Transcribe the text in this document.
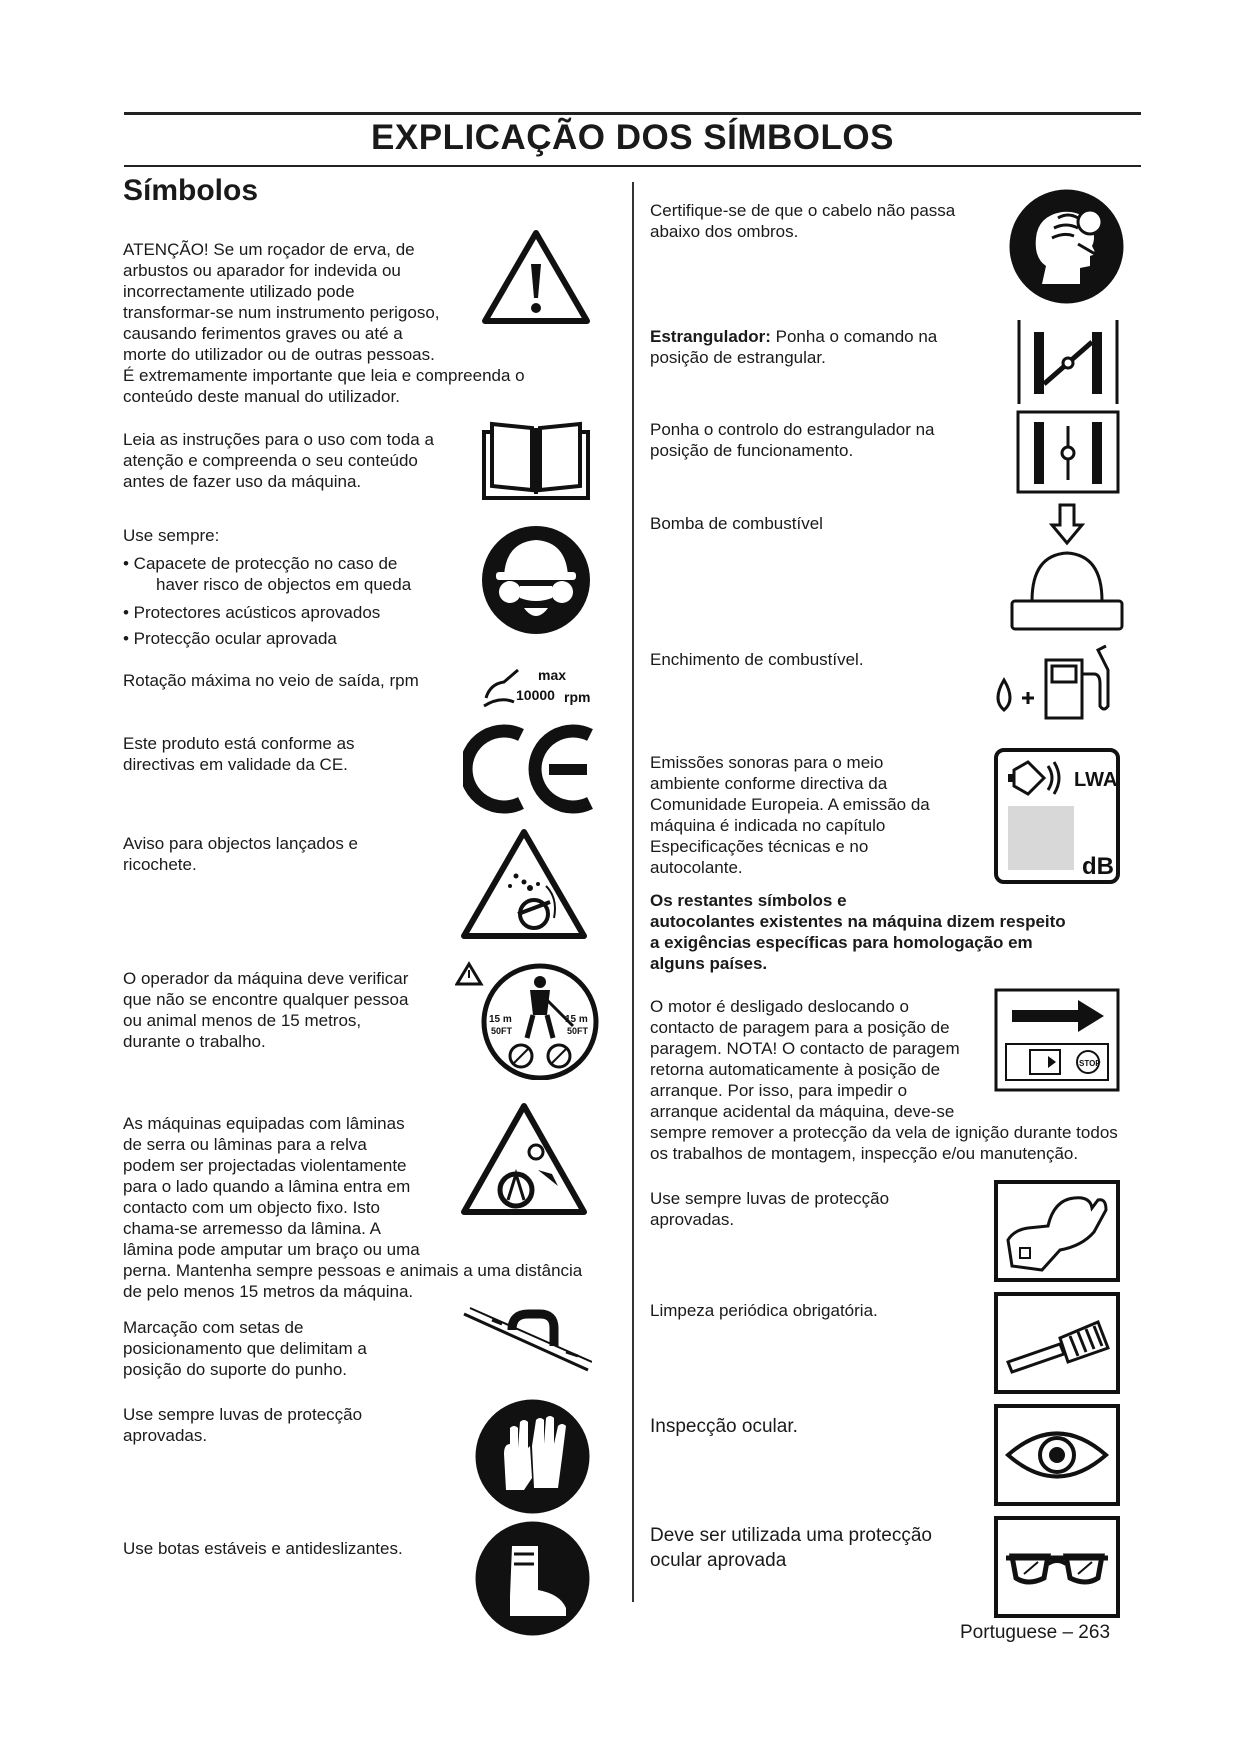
EXPLICAÇÃO DOS SÍMBOLOS
Símbolos

ATENÇÃO! Se um roçador de erva, de

arbustos ou aparador for indevida ou

incorrectamente utilizado pode

transformar-se num instrumento perigoso,

causando ferimentos graves ou até a

morte do utilizador ou de outras pessoas.

É extremamente importante que leia e compreenda o

conteúdo deste manual do utilizador.

Leia as instruções para o uso com toda a

atenção e compreenda o seu conteúdo

antes de fazer uso da máquina.

Use sempre:

• Capacete de protecção no caso de

haver risco de objectos em queda

• Protectores acústicos aprovados

• Protecção ocular aprovada

Rotação máxima no veio de saída, rpm	max
10000 rpm

Este produto está conforme as

directivas em validade da CE.

Aviso para objectos lançados e

ricochete.

O operador da máquina deve verificar

que não se encontre qualquer pessoa

ou animal menos de 15 metros,

durante o trabalho.

15 m
50FT
15 m
50FT

As máquinas equipadas com lâminas

de serra ou lâminas para a relva

podem ser projectadas violentamente

para o lado quando a lâmina entra em

contacto com um objecto fixo. Isto

chama-se arremesso da lâmina. A

lâmina pode amputar um braço ou uma

perna. Mantenha sempre pessoas e animais a uma distância

de pelo menos 15 metros da máquina.

Marcação com setas de

posicionamento que delimitam a

posição do suporte do punho.

Use sempre luvas de protecção

aprovadas.

Use botas estáveis e antideslizantes.

Certifique-se de que o cabelo não passa

abaixo dos ombros.

Estrangulador: Ponha o comando na

posição de estrangular.

Ponha o controlo do estrangulador na

posição de funcionamento.

Bomba de combustível
Enchimento de combustível.

Emissões sonoras para o meio

ambiente conforme directiva da

Comunidade Europeia. A emissão da

máquina é indicada no capítulo

Especificações técnicas e no

autocolante.

LWA
dB

Os restantes símbolos e

autocolantes existentes na máquina dizem respeito

a exigências específicas para homologação em

alguns países.

O motor é desligado deslocando o

contacto de paragem para a posição de

paragem. NOTA! O contacto de paragem

retorna automaticamente à posição de

arranque. Por isso, para impedir o

arranque acidental da máquina, deve-se

sempre remover a protecção da vela de ignição durante todos

os trabalhos de montagem, inspecção e/ou manutenção.

STOP

Use sempre luvas de protecção

aprovadas.

Limpeza periódica obrigatória.
Inspecção ocular.

Deve ser utilizada uma protecção

ocular aprovada

Portuguese – 263
